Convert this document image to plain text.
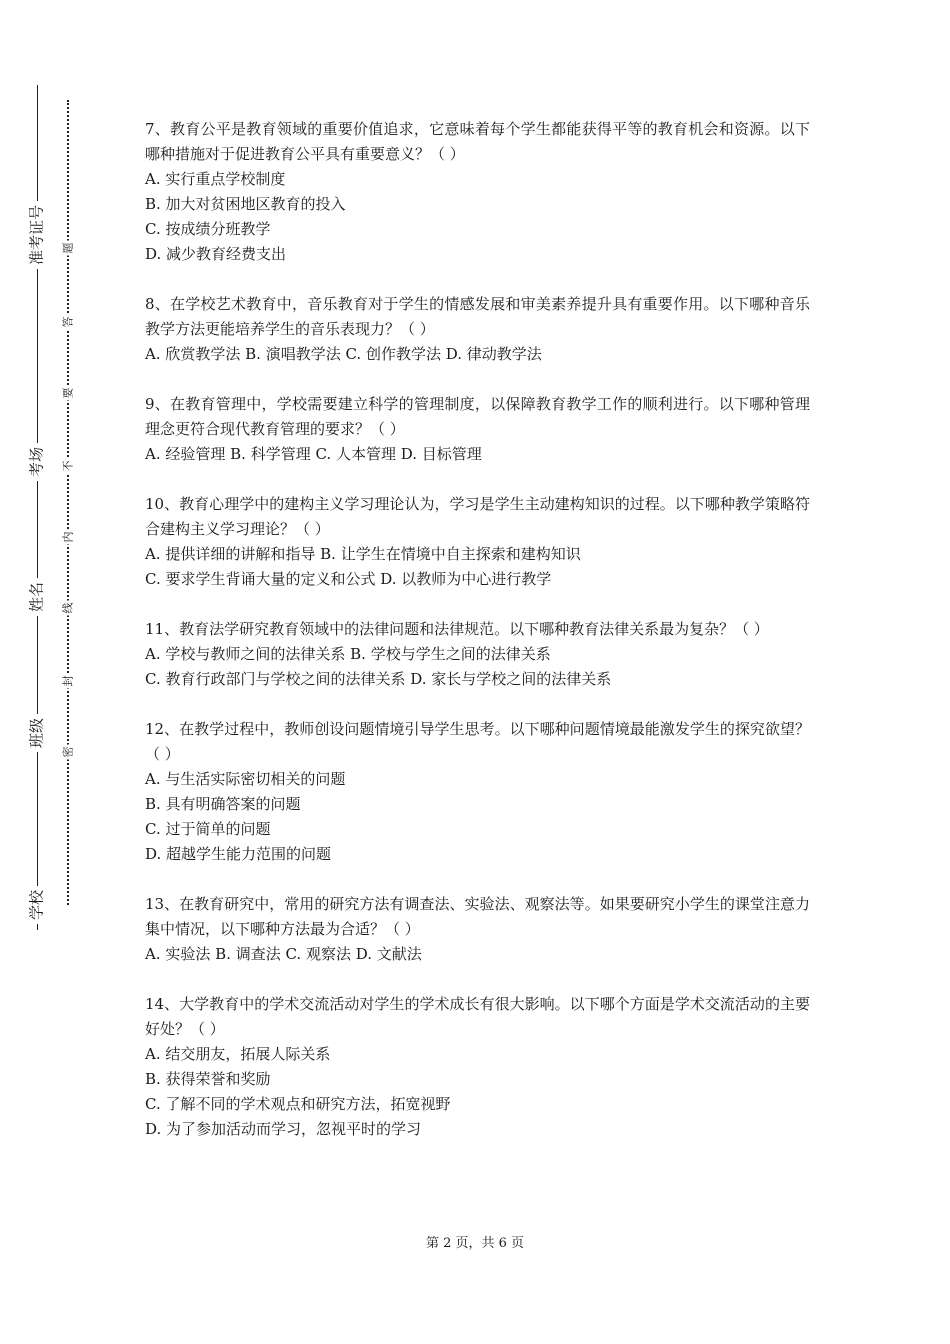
准考证号
考场
姓名
班级
学校
题
答
要
不
内
线
封
密

7、教育公平是教育领域的重要价值追求，它意味着每个学生都能获得平等的教育机会和资源。以下哪种措施对于促进教育公平具有重要意义？（ ）

A. 实行重点学校制度

B. 加大对贫困地区教育的投入

C. 按成绩分班教学

D. 减少教育经费支出

8、在学校艺术教育中，音乐教育对于学生的情感发展和审美素养提升具有重要作用。以下哪种音乐教学方法更能培养学生的音乐表现力？（ ）

A. 欣赏教学法 B. 演唱教学法 C. 创作教学法 D. 律动教学法

9、在教育管理中，学校需要建立科学的管理制度，以保障教育教学工作的顺利进行。以下哪种管理理念更符合现代教育管理的要求？（ ）

A. 经验管理 B. 科学管理 C. 人本管理 D. 目标管理

10、教育心理学中的建构主义学习理论认为，学习是学生主动建构知识的过程。以下哪种教学策略符合建构主义学习理论？（ ）

A. 提供详细的讲解和指导 B. 让学生在情境中自主探索和建构知识

C. 要求学生背诵大量的定义和公式 D. 以教师为中心进行教学

11、教育法学研究教育领域中的法律问题和法律规范。以下哪种教育法律关系最为复杂？（ ）

A. 学校与教师之间的法律关系 B. 学校与学生之间的法律关系

C. 教育行政部门与学校之间的法律关系 D. 家长与学校之间的法律关系

12、在教学过程中，教师创设问题情境引导学生思考。以下哪种问题情境最能激发学生的探究欲望？（ ）

A. 与生活实际密切相关的问题

B. 具有明确答案的问题

C. 过于简单的问题

D. 超越学生能力范围的问题

13、在教育研究中，常用的研究方法有调查法、实验法、观察法等。如果要研究小学生的课堂注意力集中情况，以下哪种方法最为合适？（ ）

A. 实验法 B. 调查法 C. 观察法 D. 文献法

14、大学教育中的学术交流活动对学生的学术成长有很大影响。以下哪个方面是学术交流活动的主要好处？（ ）

A. 结交朋友，拓展人际关系

B. 获得荣誉和奖励

C. 了解不同的学术观点和研究方法，拓宽视野

D. 为了参加活动而学习，忽视平时的学习

第 2 页，共 6 页
